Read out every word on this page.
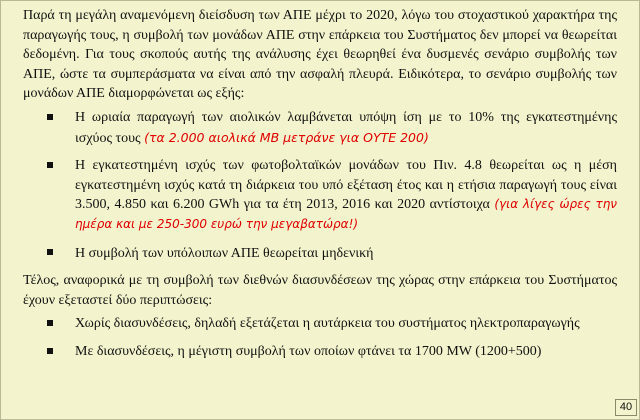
Παρά τη μεγάλη αναμενόμενη διείσδυση των ΑΠΕ μέχρι το 2020, λόγω του στοχαστικού χαρακτήρα της παραγωγής τους, η συμβολή των μονάδων ΑΠΕ στην επάρκεια του Συστήματος δεν μπορεί να θεωρείται δεδομένη. Για τους σκοπούς αυτής της ανάλυσης έχει θεωρηθεί ένα δυσμενές σενάριο συμβολής των ΑΠΕ, ώστε τα συμπεράσματα να είναι από την ασφαλή πλευρά. Ειδικότερα, το σενάριο συμβολής των μονάδων ΑΠΕ διαμορφώνεται ως εξής:

Η ωριαία παραγωγή των αιολικών λαμβάνεται υπόψη ίση με το 10% της εγκατεστημένης ισχύος τους (τα 2.000 αιολικά ΜΒ μετράνε για ΟΥΤΕ 200)
Η εγκατεστημένη ισχύς των φωτοβολταϊκών μονάδων του Πιν. 4.8 θεωρείται ως η μέση εγκατεστημένη ισχύς κατά τη διάρκεια του υπό εξέταση έτος και η ετήσια παραγωγή τους είναι 3.500, 4.850 και 6.200 GWh για τα έτη 2013, 2016 και 2020 αντίστοιχα (για λίγες ώρες την ημέρα και με 250-300 ευρώ την μεγαβατώρα!)
Η συμβολή των υπόλοιπων ΑΠΕ θεωρείται μηδενική

Τέλος, αναφορικά με τη συμβολή των διεθνών διασυνδέσεων της χώρας στην επάρκεια του Συστήματος έχουν εξεταστεί δύο περιπτώσεις:

Χωρίς διασυνδέσεις, δηλαδή εξετάζεται η αυτάρκεια του συστήματος ηλεκτροπαραγωγής
Με διασυνδέσεις, η μέγιστη συμβολή των οποίων φτάνει τα 1700 MW (1200+500)
40
